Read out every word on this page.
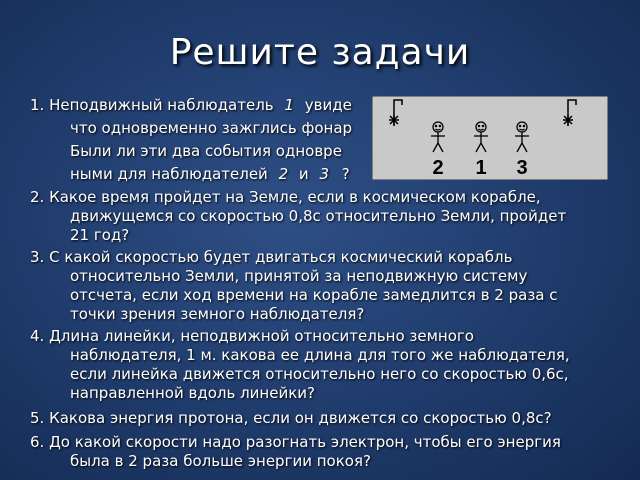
Решите задачи
1. Неподвижный наблюдатель 1 увиде
что одновременно зажглись фонар
Были ли эти два события одновре
ными для наблюдателей 2 и 3 ?	2 1 3
2. Какое время пройдет на Земле, если в космическом корабле,
движущемся со скоростью 0,8с относительно Земли, пройдет
21 год?
3. С какой скоростью будет двигаться космический корабль
относительно Земли, принятой за неподвижную систему
отсчета, если ход времени на корабле замедлится в 2 раза с
точки зрения земного наблюдателя?
4. Длина линейки, неподвижной относительно земного
наблюдателя, 1 м. какова ее длина для того же наблюдателя,
если линейка движется относительно него со скоростью 0,6с,
направленной вдоль линейки?
5. Какова энергия протона, если он движется со скоростью 0,8с?
6. До какой скорости надо разогнать электрон, чтобы его энергия
была в 2 раза больше энергии покоя?
